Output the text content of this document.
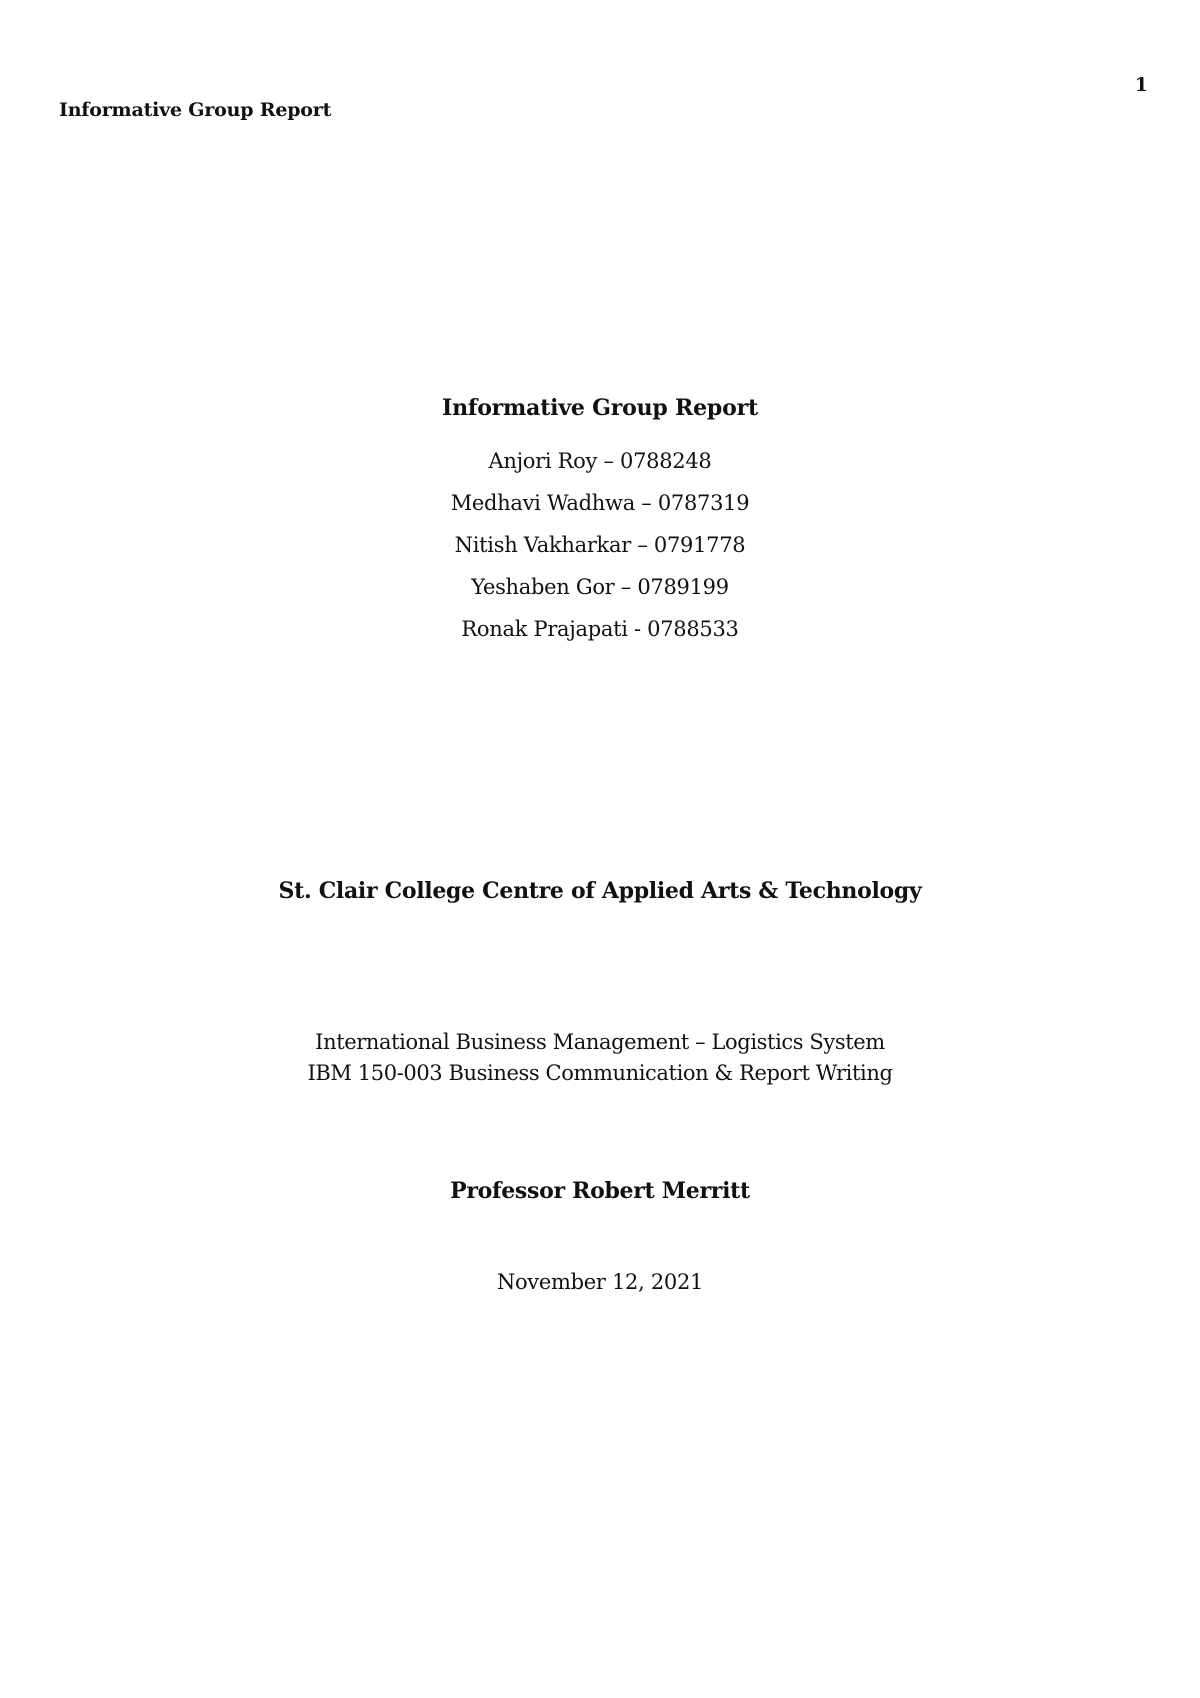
Informative Group Report
1
Informative Group Report
Anjori Roy – 0788248
Medhavi Wadhwa – 0787319
Nitish Vakharkar – 0791778
Yeshaben Gor – 0789199
Ronak Prajapati - 0788533
St. Clair College Centre of Applied Arts & Technology
International Business Management – Logistics System
IBM 150-003 Business Communication & Report Writing
Professor Robert Merritt
November 12, 2021
